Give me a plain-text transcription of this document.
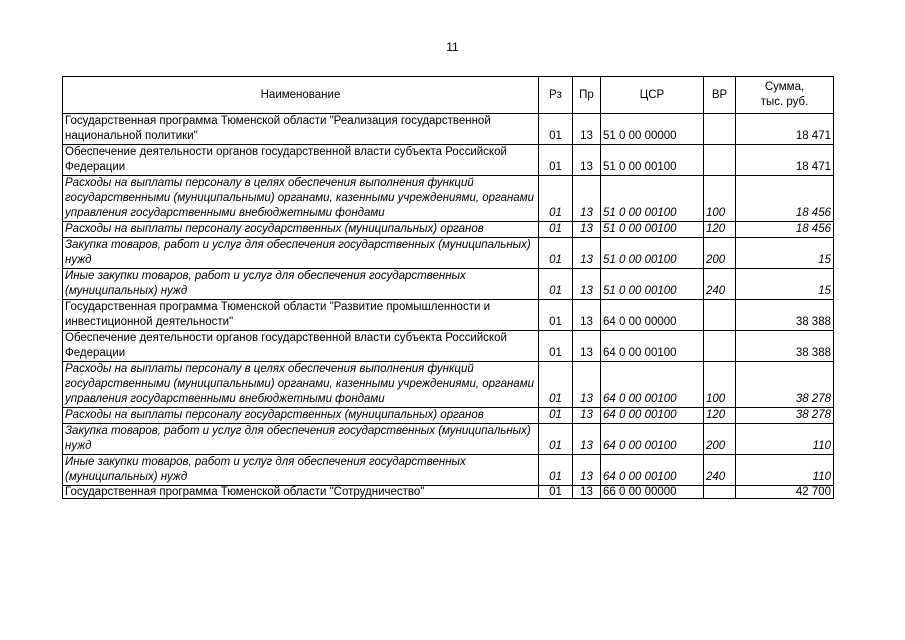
11
Наименование	Рз	Пр	ЦСР	ВР	Сумма,
тыс. руб.

Государственная программа Тюменской области "Реализация государственной национальной политики"	01	13	51 0 00 00000		18 471
Обеспечение деятельности органов государственной власти субъекта Российской Федерации	01	13	51 0 00 00100		18 471
Расходы на выплаты персоналу в целях обеспечения выполнения функций государственными (муниципальными) органами, казенными учреждениями, органами управления государственными внебюджетными фондами	01	13	51 0 00 00100	100	18 456
Расходы на выплаты персоналу государственных (муниципальных) органов	01	13	51 0 00 00100	120	18 456
Закупка товаров, работ и услуг для обеспечения государственных (муниципальных) нужд	01	13	51 0 00 00100	200	15
Иные закупки товаров, работ и услуг для обеспечения государственных (муниципальных) нужд	01	13	51 0 00 00100	240	15
Государственная программа Тюменской области "Развитие промышленности и инвестиционной деятельности"	01	13	64 0 00 00000		38 388
Обеспечение деятельности органов государственной власти субъекта Российской Федерации	01	13	64 0 00 00100		38 388
Расходы на выплаты персоналу в целях обеспечения выполнения функций государственными (муниципальными) органами, казенными учреждениями, органами управления государственными внебюджетными фондами	01	13	64 0 00 00100	100	38 278
Расходы на выплаты персоналу государственных (муниципальных) органов	01	13	64 0 00 00100	120	38 278
Закупка товаров, работ и услуг для обеспечения государственных (муниципальных) нужд	01	13	64 0 00 00100	200	110
Иные закупки товаров, работ и услуг для обеспечения государственных (муниципальных) нужд	01	13	64 0 00 00100	240	110
Государственная программа Тюменской области "Сотрудничество"	01	13	66 0 00 00000		42 700
